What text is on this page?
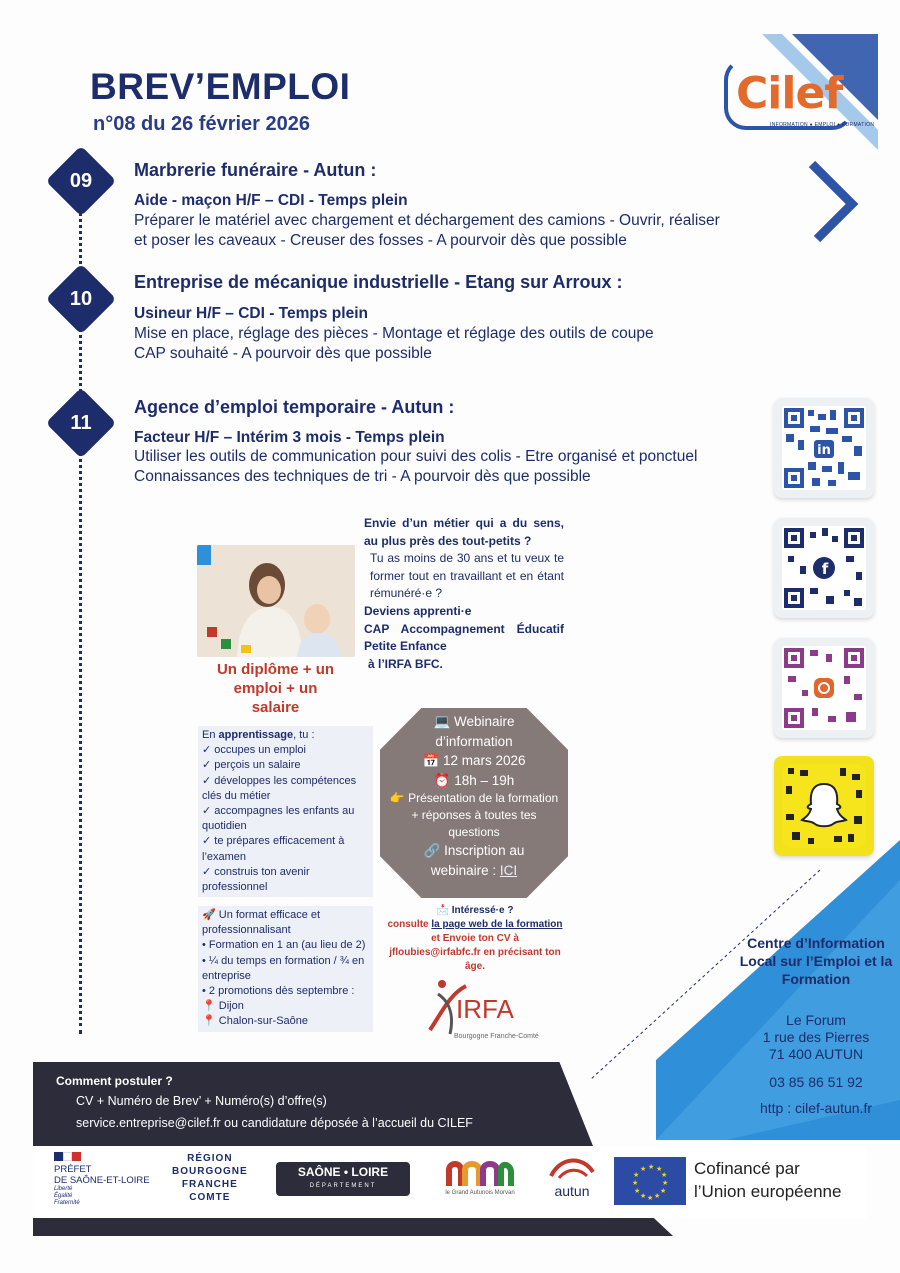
BREV’EMPLOI
n°08 du 26 février 2026
Cilef
INFORMATION ● EMPLOI ● FORMATION
09	Marbrerie funéraire - Autun :
Aide - maçon H/F – CDI - Temps plein
Préparer le matériel avec chargement et déchargement des camions - Ouvrir, réaliser
et poser les caveaux - Creuser des fosses - A pourvoir dès que possible
10
Entreprise de mécanique industrielle - Etang sur Arroux :
Usineur H/F – CDI - Temps plein
Mise en place, réglage des pièces - Montage et réglage des outils de coupe
CAP souhaité - A pourvoir dès que possible
11
Agence d’emploi temporaire - Autun :
Facteur H/F – Intérim 3 mois - Temps plein
Utiliser les outils de communication pour suivi des colis - Etre organisé et ponctuel
Connaissances des techniques de tri - A pourvoir dès que possible
in
f
Centre d’Information Local sur l’Emploi et la Formation
Le Forum
1 rue des Pierres
71 400 AUTUN
03 85 86 51 92
http : cilef-autun.fr
Un diplôme + un
emploi + un
salaire
En apprentissage, tu :
✓ occupes un emploi
✓ perçois un salaire
✓ développes les compétences clés du métier
✓ accompagnes les enfants au quotidien
✓ te prépares efficacement à l’examen
✓ construis ton avenir professionnel
🚀 Un format efficace et professionnalisant
• Formation en 1 an (au lieu de 2)
• ¼ du temps en formation / ¾ en entreprise
• 2 promotions dès septembre :
📍 Dijon
📍 Chalon-sur-Saône
Envie d’un métier qui a du sens, au plus près des tout-petits ?
Tu as moins de 30 ans et tu veux te former tout en travaillant et en étant rémunéré·e ?
Deviens apprenti·e
CAP Accompagnement Éducatif Petite Enfance
à l’IRFA BFC.
💻 Webinaire
d’information
📅 12 mars 2026
⏰ 18h – 19h
👉 Présentation de la formation + réponses à toutes tes questions
🔗 Inscription au
webinaire : ICI
📩 Intéressé·e ?
consulte la page web de la formation et Envoie ton CV à
jfloubies@irfabfc.fr en précisant ton âge.
IRFA
Bourgogne Franche-Comté
Comment postuler ?
CV + Numéro de Brev’ + Numéro(s) d’offre(s)
service.entreprise@cilef.fr ou candidature déposée à l’accueil du CILEF
PRÉFET
DE SAÔNE-ET-LOIRE
Liberté
Égalité
Fraternité
RÉGION
BOURGOGNE
FRANCHE
COMTE
SAÔNE • LOIRE
DÉPARTEMENT
le Grand Autunois Morvan	autun
★ ★
★
★
★
★
★
★
★
★
★
★	Cofinancé par
l’Union européenne
